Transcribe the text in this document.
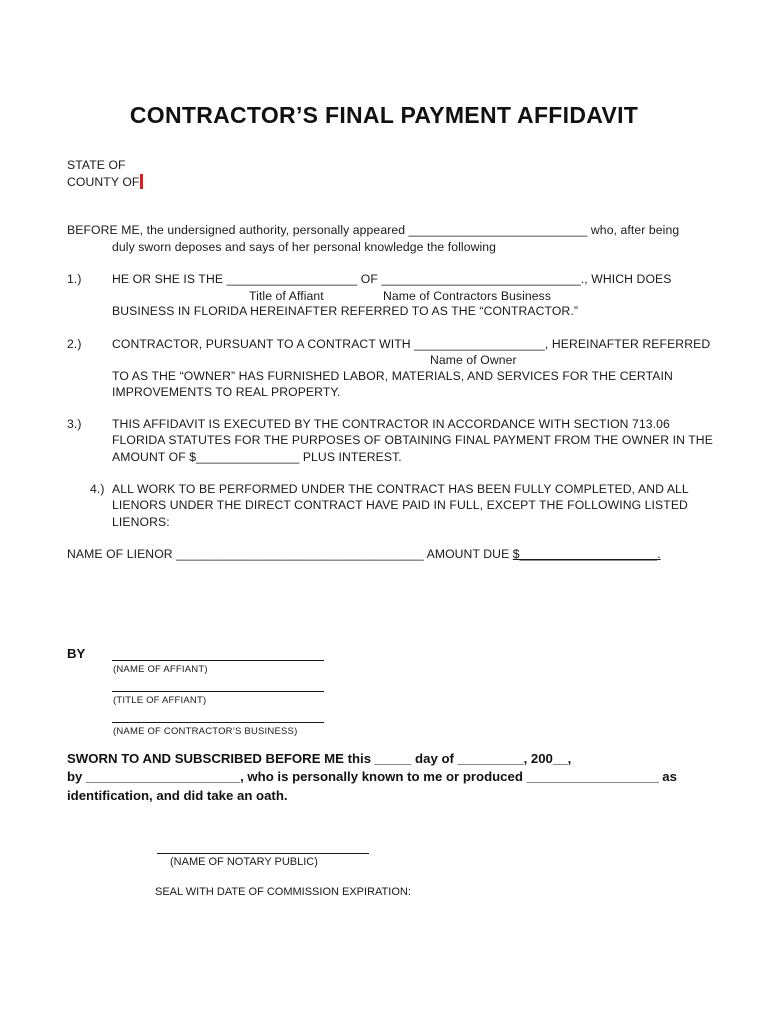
CONTRACTOR’S FINAL PAYMENT AFFIDAVIT
STATE OF
COUNTY OF
BEFORE ME, the undersigned authority, personally appeared __________________________ who, after being
duly sworn deposes and says of her personal knowledge the following
1.) HE OR SHE IS THE ___________________ OF _____________________________., WHICH DOES
Title of Affiant	Name of Contractors Business
BUSINESS IN FLORIDA HEREINAFTER REFERRED TO AS THE “CONTRACTOR.”
2.) CONTRACTOR, PURSUANT TO A CONTRACT WITH ___________________, HEREINAFTER REFERRED
Name of Owner
TO AS THE “OWNER” HAS FURNISHED LABOR, MATERIALS, AND SERVICES FOR THE CERTAIN
IMPROVEMENTS TO REAL PROPERTY.
3.) THIS AFFIDAVIT IS EXECUTED BY THE CONTRACTOR IN ACCORDANCE WITH SECTION 713.06
FLORIDA STATUTES FOR THE PURPOSES OF OBTAINING FINAL PAYMENT FROM THE OWNER IN THE
AMOUNT OF $_______________ PLUS INTEREST.
4.) ALL WORK TO BE PERFORMED UNDER THE CONTRACT HAS BEEN FULLY COMPLETED, AND ALL
LIENORS UNDER THE DIRECT CONTRACT HAVE PAID IN FULL, EXCEPT THE FOLLOWING LISTED
LIENORS:
NAME OF LIENOR ____________________________________ AMOUNT DUE $____________________.
BY
(NAME OF AFFIANT)
(TITLE OF AFFIANT)
(NAME OF CONTRACTOR’S BUSINESS)
SWORN TO AND SUBSCRIBED BEFORE ME this _____ day of _________, 200__,
by _____________________, who is personally known to me or produced __________________ as
identification, and did take an oath.
(NAME OF NOTARY PUBLIC)
SEAL WITH DATE OF COMMISSION EXPIRATION:
